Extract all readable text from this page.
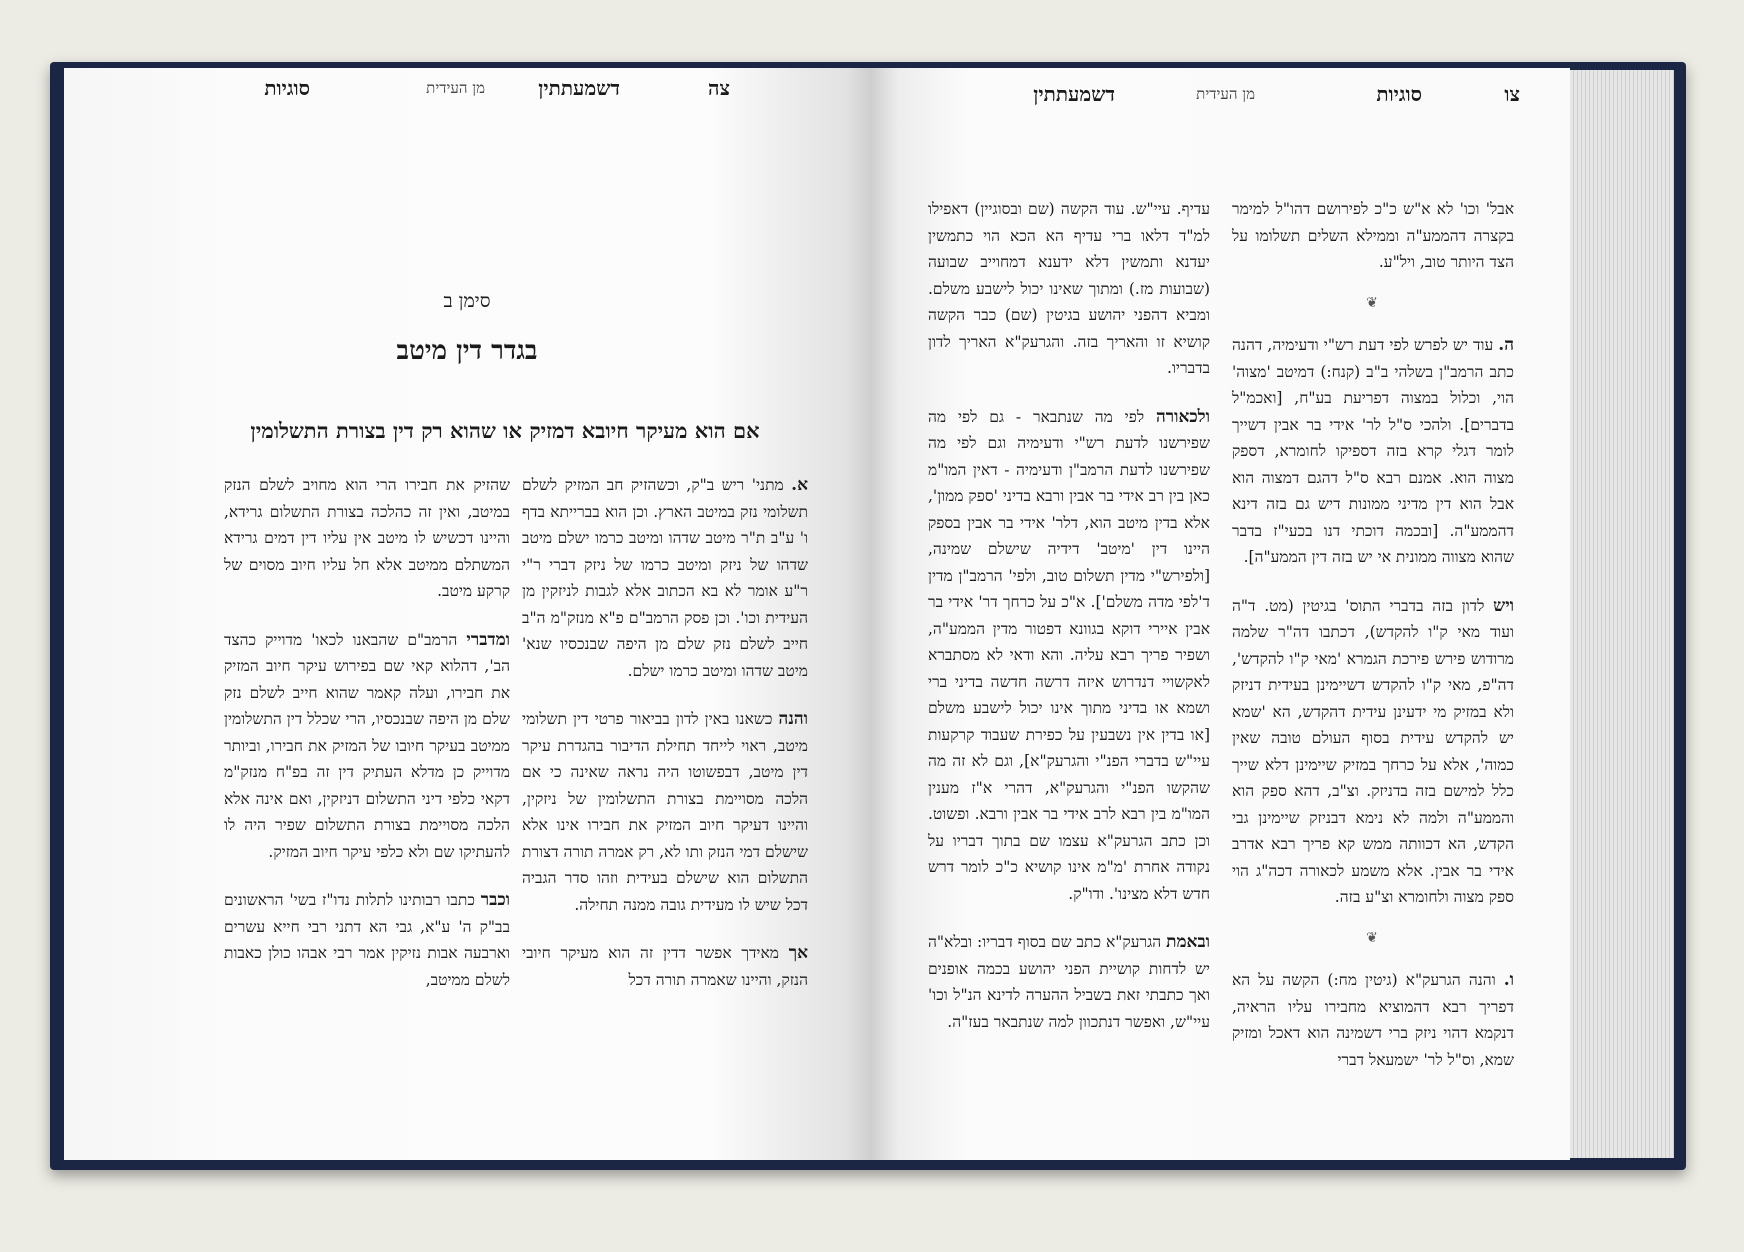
צה
דשמעתתין
מן העידית
סוגיות
סימן ב
בגדר דין מיטב
אם הוא מעיקר חיובא דמזיק או שהוא רק דין בצורת התשלומין

א. מתני' ריש ב"ק, וכשהזיק חב המזיק לשלם תשלומי נזק במיטב הארץ. וכן הוא בברייתא בדף ו' ע"ב ת"ר מיטב שדהו ומיטב כרמו ישלם מיטב שדהו של ניזק ומיטב כרמו של ניזק דברי ר"י ר"ע אומר לא בא הכתוב אלא לגבות לניזקין מן העידית וכו'. וכן פסק הרמב"ם פ"א מנזק"מ ה"ב חייב לשלם נזק שלם מן היפה שבנכסיו שנא' מיטב שדהו ומיטב כרמו ישלם.

והנה כשאנו באין לדון בביאור פרטי דין תשלומי מיטב, ראוי לייחד תחילת הדיבור בהגדרת עיקר דין מיטב, דבפשוטו היה נראה שאינה כי אם הלכה מסויימת בצורת התשלומין של ניזקין, והיינו דעיקר חיוב המזיק את חבירו אינו אלא שישלם דמי הנזק ותו לא, רק אמרה תורה דצורת התשלום הוא שישלם בעידית וזהו סדר הגביה דכל שיש לו מעידית גובה ממנה תחילה.

אך מאידך אפשר דדין זה הוא מעיקר חיובי הנזק, והיינו שאמרה תורה דכל

שהזיק את חבירו הרי הוא מחויב לשלם הנזק במיטב, ואין זה כהלכה בצורת התשלום גרידא, והיינו דכשיש לו מיטב אין עליו דין דמים גרידא המשתלם ממיטב אלא חל עליו חיוב מסוים של קרקע מיטב.

ומדברי הרמב"ם שהבאנו לכאו' מדוייק כהצד הב', דהלוא קאי שם בפירוש עיקר חיוב המזיק את חבירו, ועלה קאמר שהוא חייב לשלם נזק שלם מן היפה שבנכסיו, הרי שכלל דין התשלומין ממיטב בעיקר חיובו של המזיק את חבירו, וביותר מדוייק כן מדלא העתיק דין זה בפ"ח מנזק"מ דקאי כלפי דיני התשלום דניזקין, ואם אינה אלא הלכה מסויימת בצורת התשלום שפיר היה לו להעתיקו שם ולא כלפי עיקר חיוב המזיק.

וכבר כתבו רבותינו לתלות נדו"ז בשי' הראשונים בב"ק ה' ע"א, גבי הא דתני רבי חייא עשרים וארבעה אבות נזיקין אמר רבי אבהו כולן כאבות לשלם ממיטב,

צו
סוגיות
מן העידית
דשמעתתין

אבל' וכו' לא א"ש כ"כ לפירושם דהו"ל למימר בקצרה דהממע"ה וממילא השלים תשלומו על הצד היותר טוב, ויל"ע.

❦

ה. עוד יש לפרש לפי דעת רש"י ודעימיה, דהנה כתב הרמב"ן בשלהי ב"ב (קנח:) דמיטב 'מצוה' הוי, וכלול במצוה דפריעת בע"ח, [ואכמ"ל בדברים]. ולהכי ס"ל לר' אידי בר אבין דשייך לומר דגלי קרא בזה דספיקו לחומרא, דספק מצוה הוא. אמנם רבא ס"ל דהגם דמצוה הוא אבל הוא דין מדיני ממונות דיש גם בזה דינא דהממע"ה. [ובכמה דוכתי דנו בכעי"ז בדבר שהוא מצווה ממונית אי יש בזה דין הממע"ה].

ויש לדון בזה בדברי התוס' בגיטין (מט. ד"ה ועוד מאי ק"ו להקדש), דכתבו דה"ר שלמה מרודוש פירש פירכת הגמרא 'מאי ק"ו להקדש', דה"פ, מאי ק"ו להקדש דשיימינן בעידית דניזק ולא במזיק מי ידעינן עידית דהקדש, הא 'שמא יש להקדש עידית בסוף העולם טובה שאין כמוה', אלא על כרחך במזיק שיימינן דלא שייך כלל למישם בזה בדניזק. וצ"ב, דהא ספק הוא והממע"ה ולמה לא נימא דבניזק שיימינן גבי הקדש, הא דכוותה ממש קא פריך רבא אדרב אידי בר אבין. אלא משמע לכאורה דכה"ג הוי ספק מצוה ולחומרא וצ"ע בזה.

❦

ו. והנה הגרעק"א (גיטין מח:) הקשה על הא דפריך רבא דהמוציא מחבירו עליו הראיה, דנקמא דהוי ניזק ברי דשמינה הוא דאכל ומזיק שמא, וס"ל לר' ישמעאל דברי

עדיף. עיי"ש. עוד הקשה (שם ובסוגיין) דאפילו למ"ד דלאו ברי עדיף הא הכא הוי כתמשין יעדנא ותמשין דלא ידענא דמחוייב שבועה (שבועות מז.) ומתוך שאינו יכול לישבע משלם. ומביא דהפני יהושע בגיטין (שם) כבר הקשה קושיא זו והאריך בזה. והגרעק"א האריך לדון בדבריו.

ולכאורה לפי מה שנתבאר - גם לפי מה שפירשנו לדעת רש"י ודעימיה וגם לפי מה שפירשנו לדעת הרמב"ן ודעימיה - דאין המו"מ כאן בין רב אידי בר אבין ורבא בדיני 'ספק ממון', אלא בדין מיטב הוא, דלר' אידי בר אבין בספק היינו דין 'מיטב' דידיה שישלם שמינה, [ולפירש"י מדין תשלום טוב, ולפי' הרמב"ן מדין ד'לפי מדה משלם']. א"כ על כרחך דר' אידי בר אבין איירי דוקא בגוונא דפטור מדין הממע"ה, ושפיר פריך רבא עליה. והא ודאי לא מסתברא לאקשויי דנדרוש איזה דרשה חדשה בדיני ברי ושמא או בדיני מתוך אינו יכול לישבע משלם [או בדין אין נשבעין על כפירת שעבוד קרקעות עיי"ש בדברי הפנ"י והגרעק"א], וגם לא זה מה שהקשו הפנ"י והגרעק"א, דהרי א"ז מענין המו"מ בין רבא לרב אידי בר אבין ורבא. ופשוט. וכן כתב הגרעק"א עצמו שם בתוך דבריו על נקודה אחרת 'מ"מ אינו קושיא כ"כ לומר דרש חדש דלא מצינו'. ודו"ק.

ובאמת הגרעק"א כתב שם בסוף דבריו: ובלא"ה יש לדחות קושיית הפני יהושע בכמה אופנים ואך כתבתי זאת בשביל ההערה לדינא הנ"ל וכו' עיי"ש, ואפשר דנתכוון למה שנתבאר בעז"ה.
